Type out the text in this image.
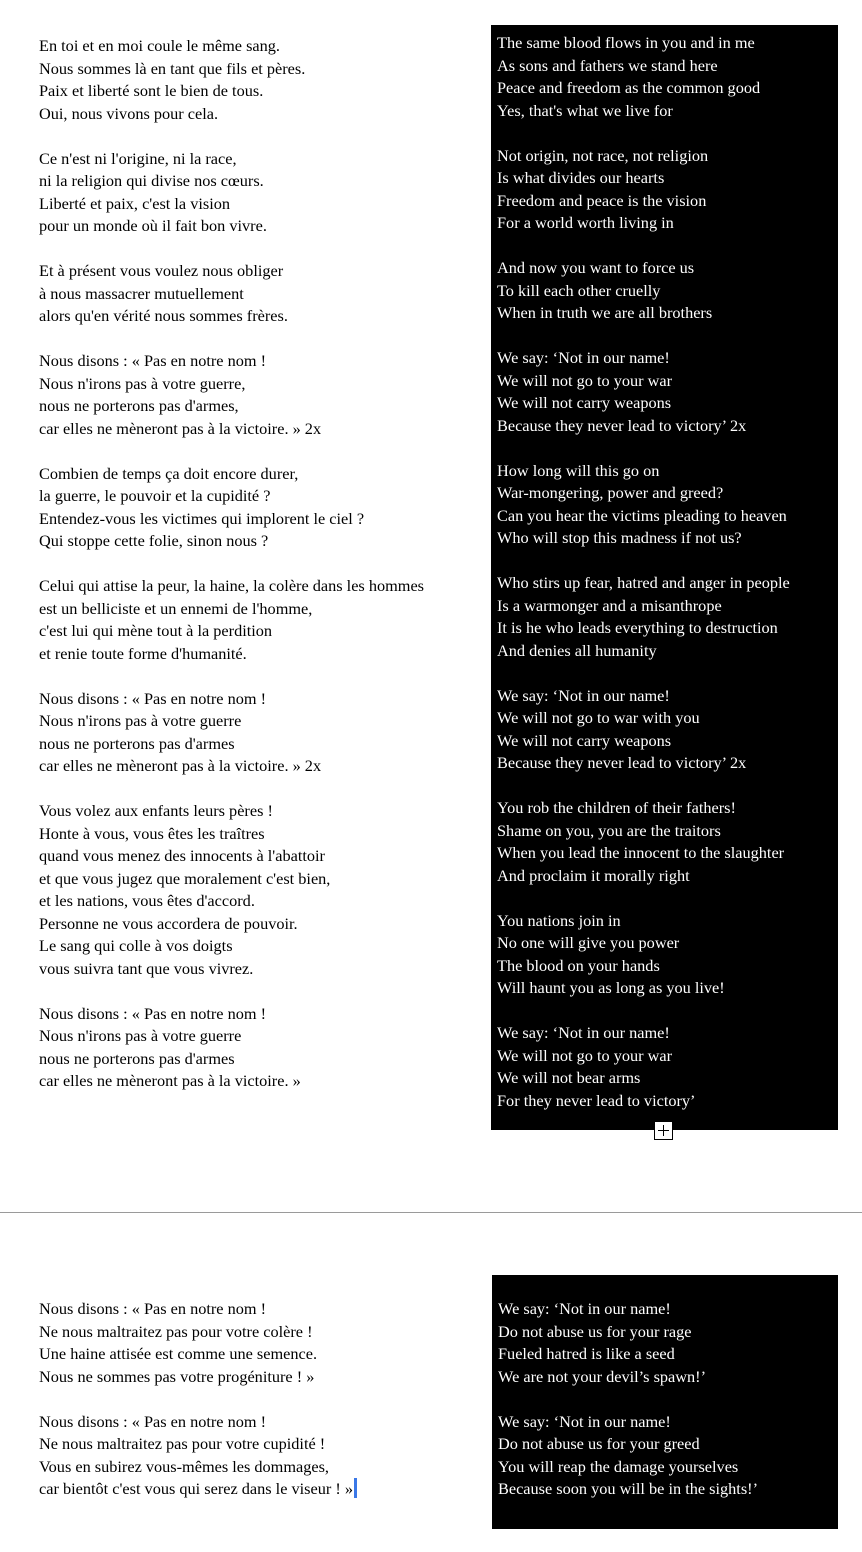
En toi et en moi coule le même sang.
Nous sommes là en tant que fils et pères.
Paix et liberté sont le bien de tous.
Oui, nous vivons pour cela.
Ce n'est ni l'origine, ni la race,
ni la religion qui divise nos cœurs.
Liberté et paix, c'est la vision
pour un monde où il fait bon vivre.
Et à présent vous voulez nous obliger
à nous massacrer mutuellement
alors qu'en vérité nous sommes frères.
Nous disons : « Pas en notre nom !
Nous n'irons pas à votre guerre,
nous ne porterons pas d'armes,
car elles ne mèneront pas à la victoire. » 2x
Combien de temps ça doit encore durer,
la guerre, le pouvoir et la cupidité ?
Entendez-vous les victimes qui implorent le ciel ?
Qui stoppe cette folie, sinon nous ?
Celui qui attise la peur, la haine, la colère dans les hommes
est un belliciste et un ennemi de l'homme,
c'est lui qui mène tout à la perdition
et renie toute forme d'humanité.
Nous disons : « Pas en notre nom !
Nous n'irons pas à votre guerre
nous ne porterons pas d'armes
car elles ne mèneront pas à la victoire. » 2x
Vous volez aux enfants leurs pères !
Honte à vous, vous êtes les traîtres
quand vous menez des innocents à l'abattoir
et que vous jugez que moralement c'est bien,
et les nations, vous êtes d'accord.
Personne ne vous accordera de pouvoir.
Le sang qui colle à vos doigts
vous suivra tant que vous vivrez.
Nous disons : « Pas en notre nom !
Nous n'irons pas à votre guerre
nous ne porterons pas d'armes
car elles ne mèneront pas à la victoire. »
The same blood flows in you and in me
As sons and fathers we stand here
Peace and freedom as the common good
Yes, that's what we live for
Not origin, not race, not religion
Is what divides our hearts
Freedom and peace is the vision
For a world worth living in
And now you want to force us
To kill each other cruelly
When in truth we are all brothers
We say: ‘Not in our name!
We will not go to your war
We will not carry weapons
Because they never lead to victory’ 2x
How long will this go on
War-mongering, power and greed?
Can you hear the victims pleading to heaven
Who will stop this madness if not us?
Who stirs up fear, hatred and anger in people
Is a warmonger and a misanthrope
It is he who leads everything to destruction
And denies all humanity
We say: ‘Not in our name!
We will not go to war with you
We will not carry weapons
Because they never lead to victory’ 2x
You rob the children of their fathers!
Shame on you, you are the traitors
When you lead the innocent to the slaughter
And proclaim it morally right
You nations join in
No one will give you power
The blood on your hands
Will haunt you as long as you live!
We say: ‘Not in our name!
We will not go to your war
We will not bear arms
For they never lead to victory’
Nous disons : « Pas en notre nom !
Ne nous maltraitez pas pour votre colère !
Une haine attisée est comme une semence.
Nous ne sommes pas votre progéniture ! »
Nous disons : « Pas en notre nom !
Ne nous maltraitez pas pour votre cupidité !
Vous en subirez vous-mêmes les dommages,
car bientôt c'est vous qui serez dans le viseur ! »
We say: ‘Not in our name!
Do not abuse us for your rage
Fueled hatred is like a seed
We are not your devil’s spawn!’
We say: ‘Not in our name!
Do not abuse us for your greed
You will reap the damage yourselves
Because soon you will be in the sights!’
